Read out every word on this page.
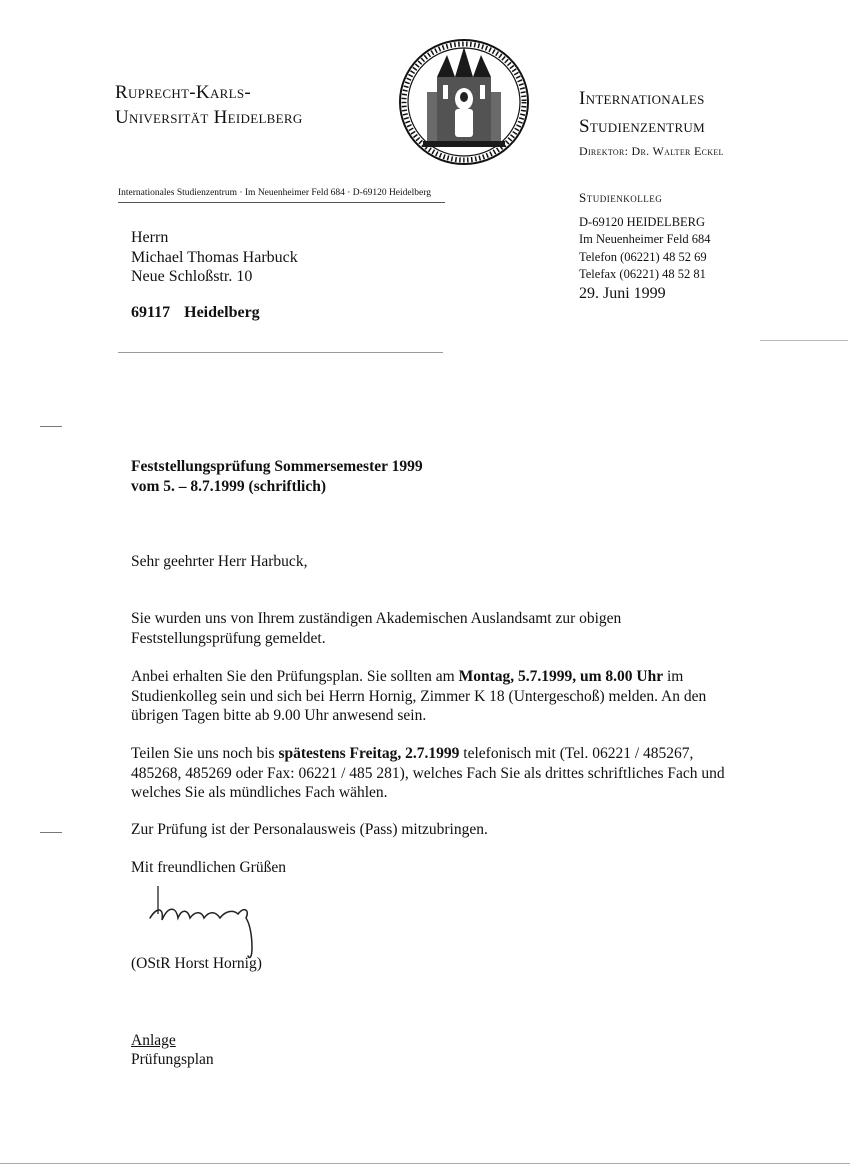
Ruprecht-Karls-
Universität Heidelberg
Internationales
Studienzentrum
Direktor: Dr. Walter Eckel
Internationales Studienzentrum · Im Neuenheimer Feld 684 · D-69120 Heidelberg	Studienkolleg
D-69120 HEIDELBERG
Im Neuenheimer Feld 684
Telefon (06221) 48 52 69
Telefax (06221) 48 52 81
29. Juni 1999
Herrn
Michael Thomas Harbuck
Neue Schloßstr. 10
69117 Heidelberg
Feststellungsprüfung Sommersemester 1999
vom 5. – 8.7.1999 (schriftlich)
Sehr geehrter Herr Harbuck,
Sie wurden uns von Ihrem zuständigen Akademischen Auslandsamt zur obigen Feststellungsprüfung gemeldet.
Anbei erhalten Sie den Prüfungsplan. Sie sollten am Montag, 5.7.1999, um 8.00 Uhr im Studienkolleg sein und sich bei Herrn Hornig, Zimmer K 18 (Untergeschoß) melden. An den übrigen Tagen bitte ab 9.00 Uhr anwesend sein.
Teilen Sie uns noch bis spätestens Freitag, 2.7.1999 telefonisch mit (Tel. 06221 / 485267, 485268, 485269 oder Fax: 06221 / 485 281), welches Fach Sie als drittes schriftliches Fach und welches Sie als mündliches Fach wählen.
Zur Prüfung ist der Personalausweis (Pass) mitzubringen.
Mit freundlichen Grüßen
(OStR Horst Hornig)
Anlage
Prüfungsplan
